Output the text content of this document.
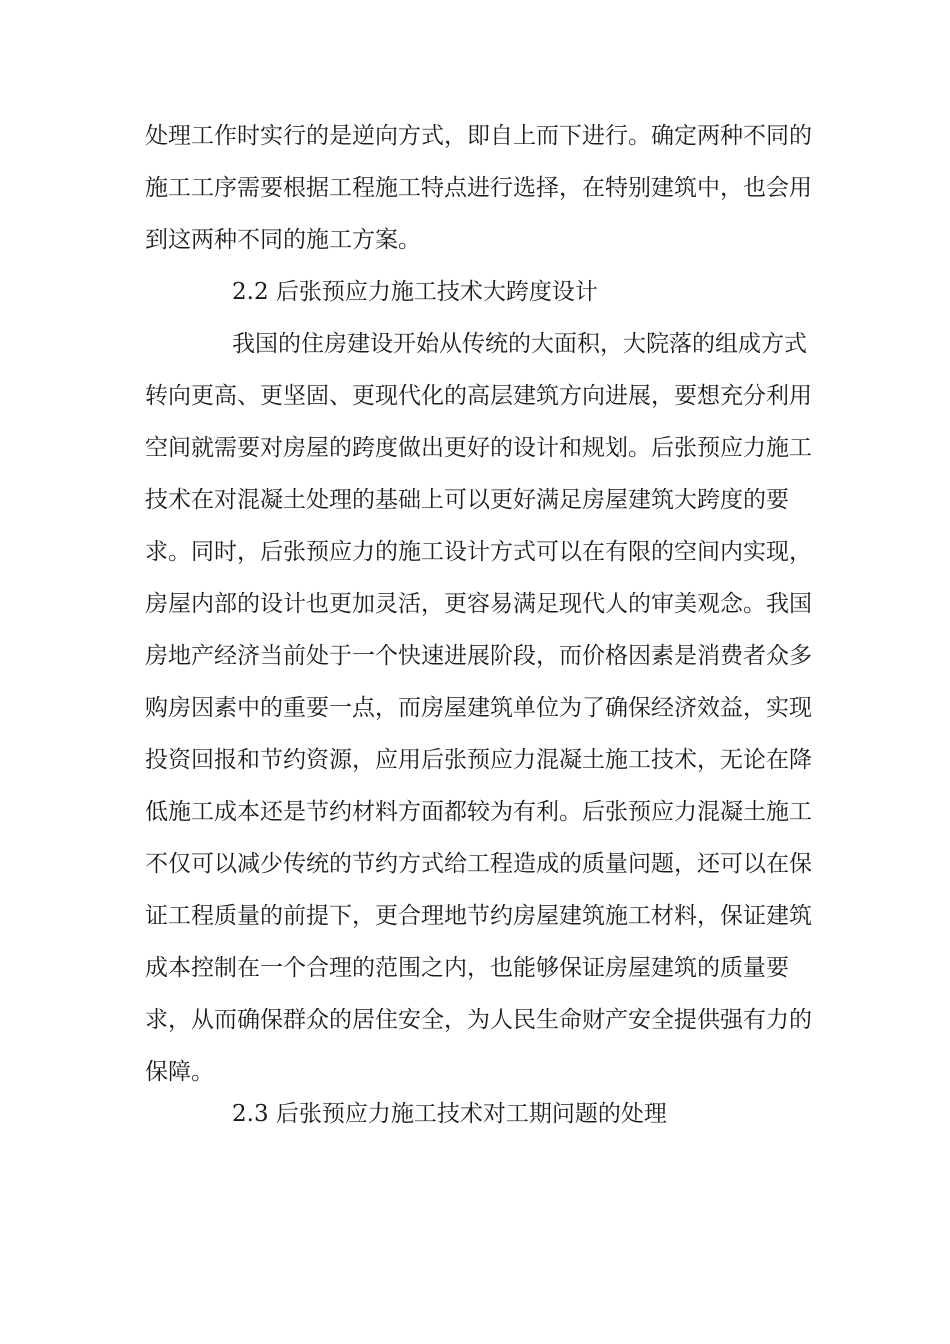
处理工作时实行的是逆向方式，即自上而下进行。确定两种不同的
施工工序需要根据工程施工特点进行选择，在特别建筑中，也会用
到这两种不同的施工方案。
2.2 后张预应力施工技术大跨度设计
我国的住房建设开始从传统的大面积，大院落的组成方式
转向更高、更坚固、更现代化的高层建筑方向进展，要想充分利用
空间就需要对房屋的跨度做出更好的设计和规划。后张预应力施工
技术在对混凝土处理的基础上可以更好满足房屋建筑大跨度的要
求。同时，后张预应力的施工设计方式可以在有限的空间内实现，
房屋内部的设计也更加灵活，更容易满足现代人的审美观念。我国
房地产经济当前处于一个快速进展阶段，而价格因素是消费者众多
购房因素中的重要一点，而房屋建筑单位为了确保经济效益，实现
投资回报和节约资源，应用后张预应力混凝土施工技术，无论在降
低施工成本还是节约材料方面都较为有利。后张预应力混凝土施工
不仅可以减少传统的节约方式给工程造成的质量问题，还可以在保
证工程质量的前提下，更合理地节约房屋建筑施工材料，保证建筑
成本控制在一个合理的范围之内，也能够保证房屋建筑的质量要
求，从而确保群众的居住安全，为人民生命财产安全提供强有力的
保障。
2.3 后张预应力施工技术对工期问题的处理
